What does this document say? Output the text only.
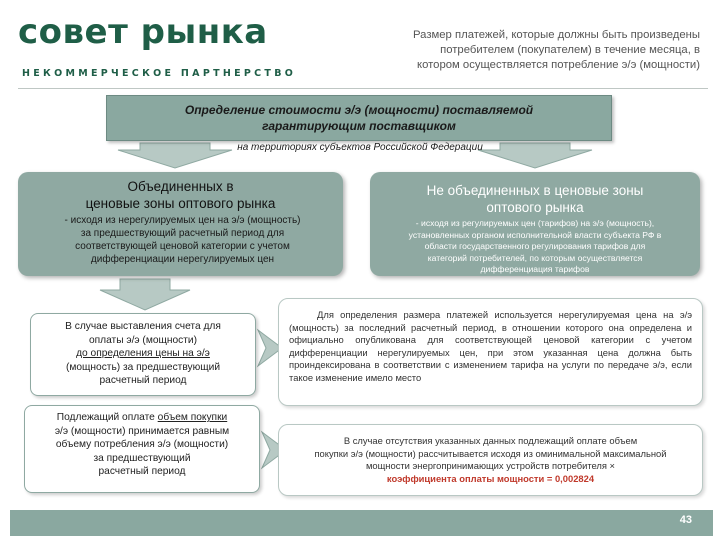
совет рынка
НЕКОММЕРЧЕСКОЕ ПАРТНЕРСТВО
Размер платежей, которые должны быть произведены
потребителем (покупателем) в течение месяца, в
котором осуществляется потребление э/э (мощности)
Определение стоимости э/э (мощности) поставляемой
гарантирующим поставщиком
на территориях субъектов Российской Федерации
Объединенных в
ценовые зоны оптового рынка
- исходя из нерегулируемых цен на э/э (мощность)
за предшествующий расчетный период для
соответствующей ценовой категории с учетом
дифференциации нерегулируемых цен
Не объединенных в ценовые зоны
оптового рынка
- исходя из регулируемых цен (тарифов) на э/э (мощность),
установленных органом исполнительной власти субъекта РФ в
области государственного регулирования тарифов для
категорий потребителей, по которым осуществляется
дифференциация тарифов
В случае выставления счета для
оплаты э/э (мощности)
до определения цены на э/э
(мощность) за предшествующий
расчетный период
Подлежащий оплате объем покупки
э/э (мощности) принимается равным
объему потребления э/э (мощности)
за предшествующий
расчетный период
Для определения размера платежей используется нерегулируемая цена на э/э (мощность) за последний расчетный период, в отношении которого она определена и официально опубликована для соответствующей ценовой категории с учетом дифференциации нерегулируемых цен, при этом указанная цена должна быть проиндексирована в соответствии с изменением тарифа на услуги по передаче э/э, если такое изменение имело место
В случае отсутствия указанных данных подлежащий оплате объем
покупки э/э (мощности) рассчитывается исходя из оминимальной максимальной
мощности энергопринимающих устройств потребителя ×
коэффициента оплаты мощности = 0,002824
43
